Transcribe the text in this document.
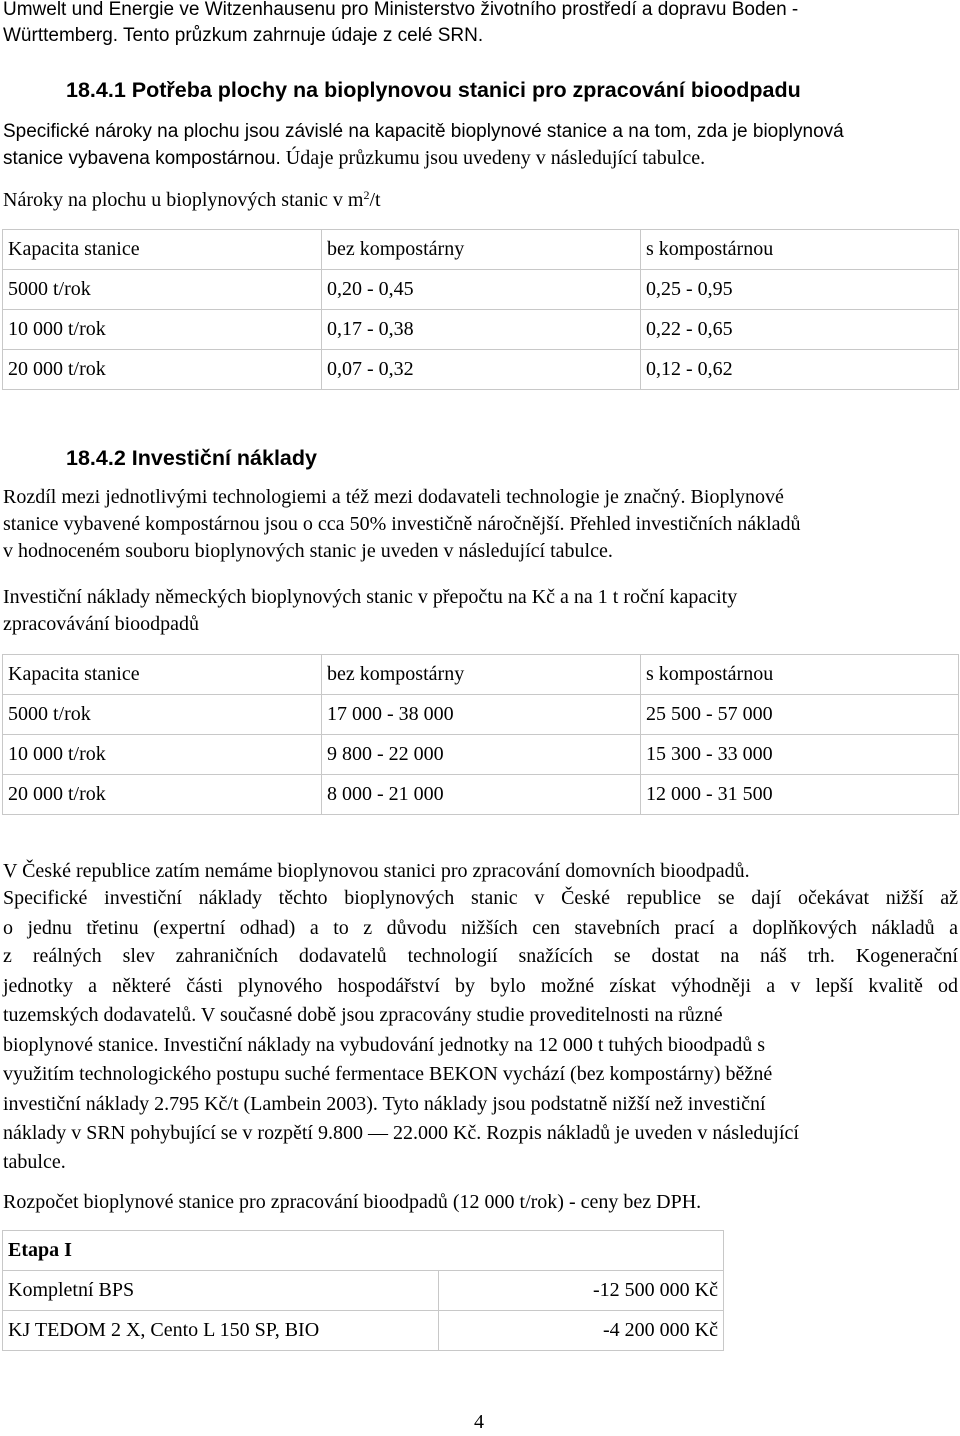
Umwelt und Energie ve Witzenhausenu pro Ministerstvo životního prostředí a dopravu Boden -
Württemberg. Tento průzkum zahrnuje údaje z celé SRN.
18.4.1 Potřeba plochy na bioplynovou stanici pro zpracování bioodpadu
Specifické nároky na plochu jsou závislé na kapacitě bioplynové stanice a na tom, zda je bioplynová
stanice vybavena kompostárnou. Údaje průzkumu jsou uvedeny v následující tabulce.
Nároky na plochu u bioplynových stanic v $m^2/t$
Kapacita stanice	bez kompostárny	s kompostárnou
5000 t/rok	0,20 - 0,45	0,25 - 0,95
10 000 t/rok	0,17 - 0,38	0,22 - 0,65
20 000 t/rok	0,07 - 0,32	0,12 - 0,62
18.4.2 Investiční náklady
Rozdíl mezi jednotlivými technologiemi a též mezi dodavateli technologie je značný. Bioplynové
stanice vybavené kompostárnou jsou o cca 50% investičně náročnější. Přehled investičních nákladů
v hodnoceném souboru bioplynových stanic je uveden v následující tabulce.
Investiční náklady německých bioplynových stanic v přepočtu na Kč a na 1 t roční kapacity
zpracovávání bioodpadů
Kapacita stanice	bez kompostárny	s kompostárnou
5000 t/rok	17 000 - 38 000	25 500 - 57 000
10 000 t/rok	9 800 - 22 000	15 300 - 33 000
20 000 t/rok	8 000 - 21 000	12 000 - 31 500
V České republice zatím nemáme bioplynovou stanici pro zpracování domovních bioodpadů.
Specifické investiční náklady těchto bioplynových stanic v České republice se dají očekávat nižší až
o jednu třetinu (expertní odhad) a to z důvodu nižších cen stavebních prací a doplňkových nákladů a
z reálných slev zahraničních dodavatelů technologií snažících se dostat na náš trh. Kogenerační
jednotky a některé části plynového hospodářství by bylo možné získat výhodněji a v lepší kvalitě od
tuzemských dodavatelů. V současné době jsou zpracovány studie proveditelnosti na různé
bioplynové stanice. Investiční náklady na vybudování jednotky na 12 000 t tuhých bioodpadů s
využitím technologického postupu suché fermentace BEKON vychází (bez kompostárny) běžné
investiční náklady 2.795 Kč/t (Lambein 2003). Tyto náklady jsou podstatně nižší než investiční
náklady v SRN pohybující se v rozpětí 9.800 — 22.000 Kč. Rozpis nákladů je uveden v následující
tabulce.
Rozpočet bioplynové stanice pro zpracování bioodpadů (12 000 t/rok) - ceny bez DPH.
Etapa I	
Kompletní BPS	-12 500 000 Kč
KJ TEDOM 2 X, Cento L 150 SP, BIO	-4 200 000 Kč
4
